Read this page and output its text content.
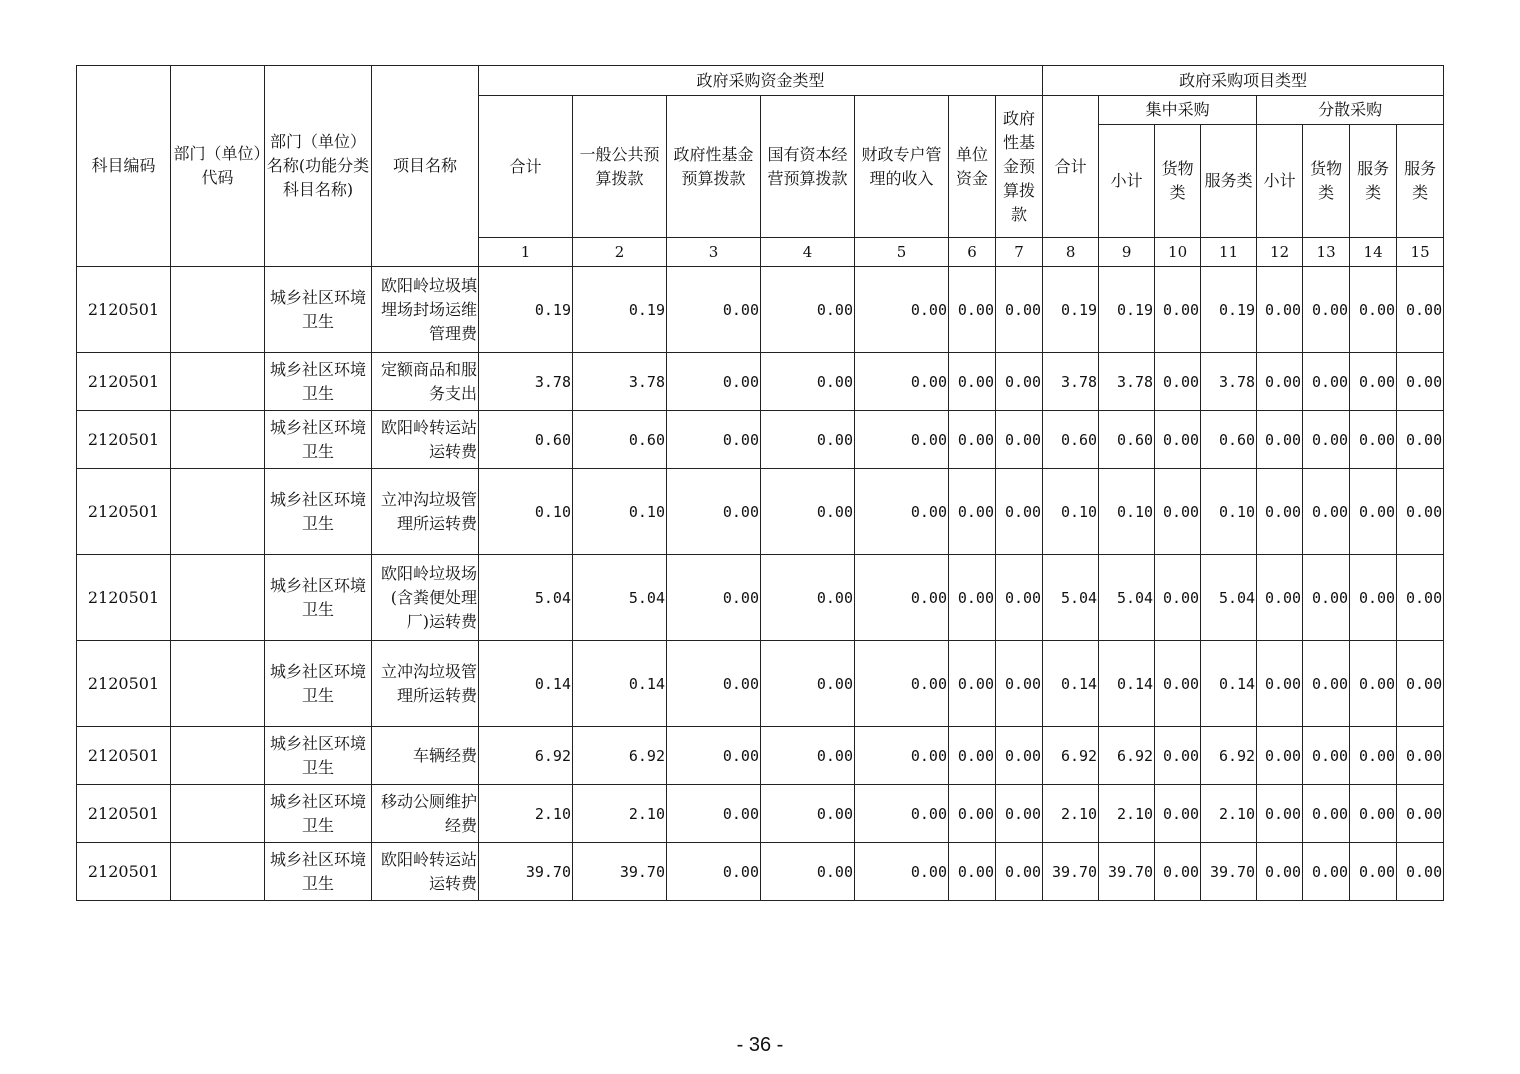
科目编码	部门（单位）代码	部门（单位）名称(功能分类科目名称)	项目名称	政府采购资金类型							政府采购项目类型							
				合计	一般公共预算拨款	政府性基金预算拨款	国有资本经营预算拨款	财政专户管理的收入	单位资金	政府性基金预算拨款	合计	集中采购			分散采购			
												小计	货物类	服务类	小计	货物类	服务类	服务类
				1	2	3	4	5	6	7	8	9	10	11	12	13	14	15
2120501		城乡社区环境卫生	欧阳岭垃圾填埋场封场运维管理费	0.19	0.19	0.00	0.00	0.00	0.00	0.00	0.19	0.19	0.00	0.19	0.00	0.00	0.00	0.00
2120501		城乡社区环境卫生	定额商品和服务支出	3.78	3.78	0.00	0.00	0.00	0.00	0.00	3.78	3.78	0.00	3.78	0.00	0.00	0.00	0.00
2120501		城乡社区环境卫生	欧阳岭转运站运转费	0.60	0.60	0.00	0.00	0.00	0.00	0.00	0.60	0.60	0.00	0.60	0.00	0.00	0.00	0.00
2120501		城乡社区环境卫生	立冲沟垃圾管理所运转费	0.10	0.10	0.00	0.00	0.00	0.00	0.00	0.10	0.10	0.00	0.10	0.00	0.00	0.00	0.00
2120501		城乡社区环境卫生	欧阳岭垃圾场(含粪便处理厂)运转费	5.04	5.04	0.00	0.00	0.00	0.00	0.00	5.04	5.04	0.00	5.04	0.00	0.00	0.00	0.00
2120501		城乡社区环境卫生	立冲沟垃圾管理所运转费	0.14	0.14	0.00	0.00	0.00	0.00	0.00	0.14	0.14	0.00	0.14	0.00	0.00	0.00	0.00
2120501		城乡社区环境卫生	车辆经费	6.92	6.92	0.00	0.00	0.00	0.00	0.00	6.92	6.92	0.00	6.92	0.00	0.00	0.00	0.00
2120501		城乡社区环境卫生	移动公厕维护经费	2.10	2.10	0.00	0.00	0.00	0.00	0.00	2.10	2.10	0.00	2.10	0.00	0.00	0.00	0.00
2120501		城乡社区环境卫生	欧阳岭转运站运转费	39.70	39.70	0.00	0.00	0.00	0.00	0.00	39.70	39.70	0.00	39.70	0.00	0.00	0.00	0.00
- 36 -
